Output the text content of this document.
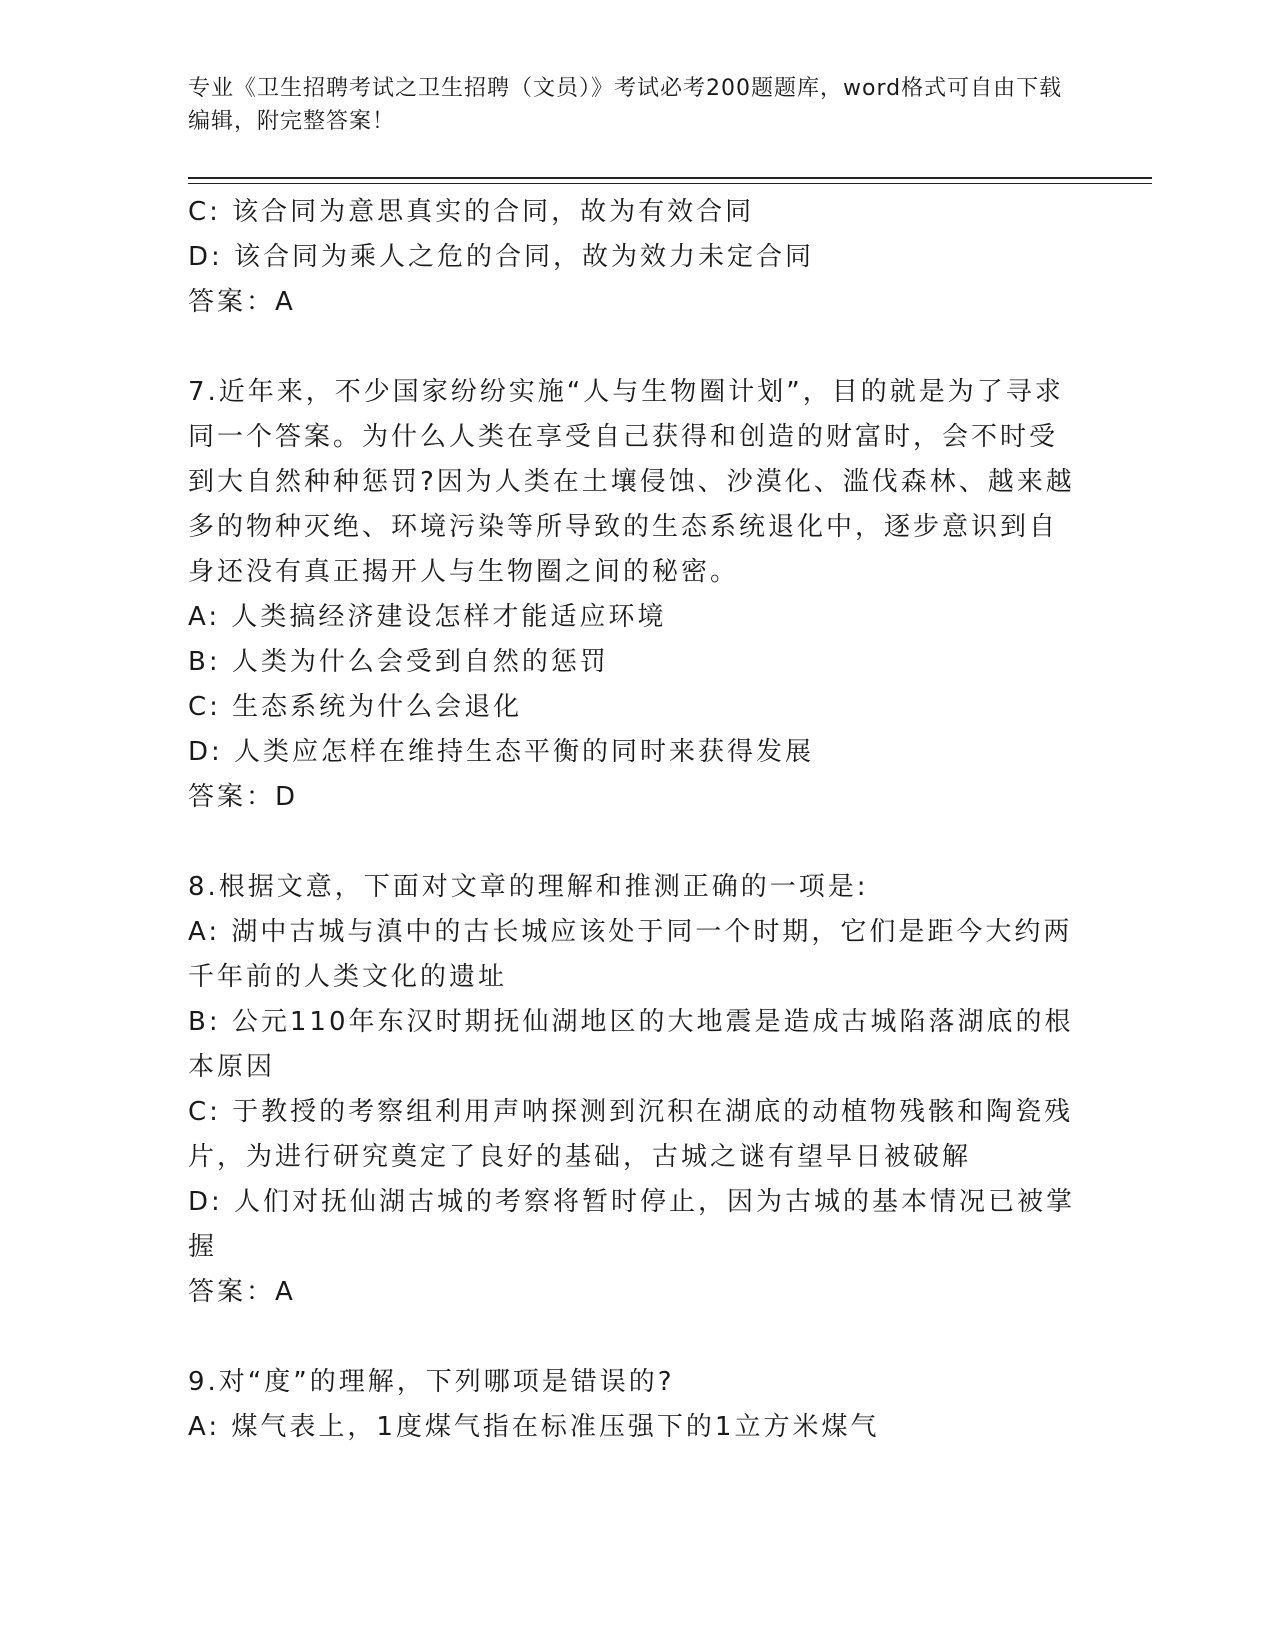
专业《卫生招聘考试之卫生招聘（文员）》考试必考200题题库，word格式可自由下载编辑，附完整答案！

C: 该合同为意思真实的合同，故为有效合同

D: 该合同为乘人之危的合同，故为效力未定合同

答案：A

7.近年来，不少国家纷纷实施“人与生物圈计划”，目的就是为了寻求同一个答案。为什么人类在享受自己获得和创造的财富时，会不时受到大自然种种惩罚?因为人类在土壤侵蚀、沙漠化、滥伐森林、越来越多的物种灭绝、环境污染等所导致的生态系统退化中，逐步意识到自身还没有真正揭开人与生物圈之间的秘密。

A: 人类搞经济建设怎样才能适应环境

B: 人类为什么会受到自然的惩罚

C: 生态系统为什么会退化

D: 人类应怎样在维持生态平衡的同时来获得发展

答案：D

8.根据文意，下面对文章的理解和推测正确的一项是:

A: 湖中古城与滇中的古长城应该处于同一个时期，它们是距今大约两千年前的人类文化的遗址

B: 公元110年东汉时期抚仙湖地区的大地震是造成古城陷落湖底的根本原因

C: 于教授的考察组利用声呐探测到沉积在湖底的动植物残骸和陶瓷残片，为进行研究奠定了良好的基础，古城之谜有望早日被破解

D: 人们对抚仙湖古城的考察将暂时停止，因为古城的基本情况已被掌握

答案：A

9.对“度”的理解，下列哪项是错误的?

A: 煤气表上，1度煤气指在标准压强下的1立方米煤气
